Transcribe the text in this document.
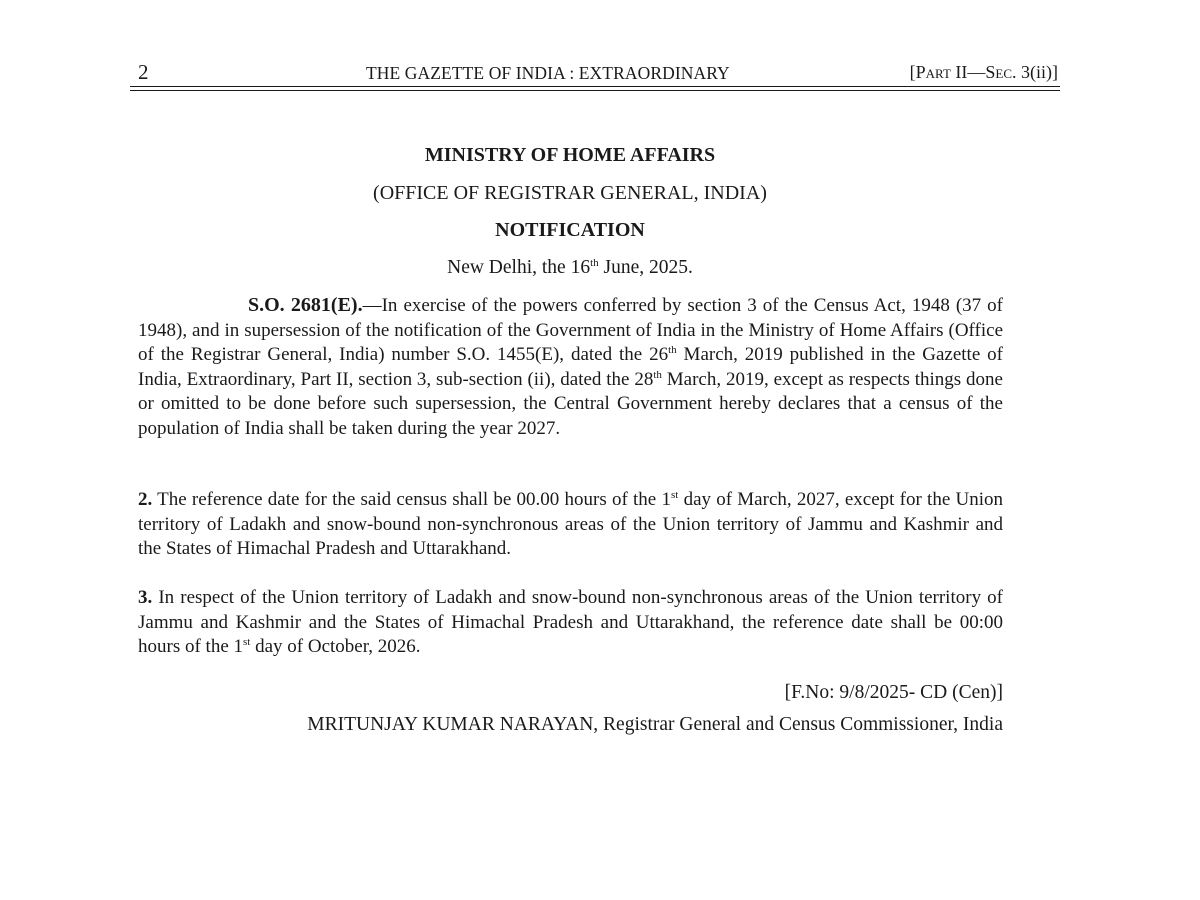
2	THE GAZETTE OF INDIA : EXTRAORDINARY	[Part II—Sec. 3(ii)]
MINISTRY OF HOME AFFAIRS
(OFFICE OF REGISTRAR GENERAL, INDIA)
NOTIFICATION
New Delhi, the 16th June, 2025.

S.O. 2681(E).—In exercise of the powers conferred by section 3 of the Census Act, 1948 (37 of 1948), and in supersession of the notification of the Government of India in the Ministry of Home Affairs (Office of the Registrar General, India) number S.O. 1455(E), dated the 26th March, 2019 published in the Gazette of India, Extraordinary, Part II, section 3, sub-section (ii), dated the 28th March, 2019, except as respects things done or omitted to be done before such supersession, the Central Government hereby declares that a census of the population of India shall be taken during the year 2027.

2. The reference date for the said census shall be 00.00 hours of the 1st day of March, 2027, except for the Union territory of Ladakh and snow-bound non-synchronous areas of the Union territory of Jammu and Kashmir and the States of Himachal Pradesh and Uttarakhand.

3. In respect of the Union territory of Ladakh and snow-bound non-synchronous areas of the Union territory of Jammu and Kashmir and the States of Himachal Pradesh and Uttarakhand, the reference date shall be 00:00 hours of the 1st day of October, 2026.

[F.No: 9/8/2025- CD (Cen)]
MRITUNJAY KUMAR NARAYAN, Registrar General and Census Commissioner, India
